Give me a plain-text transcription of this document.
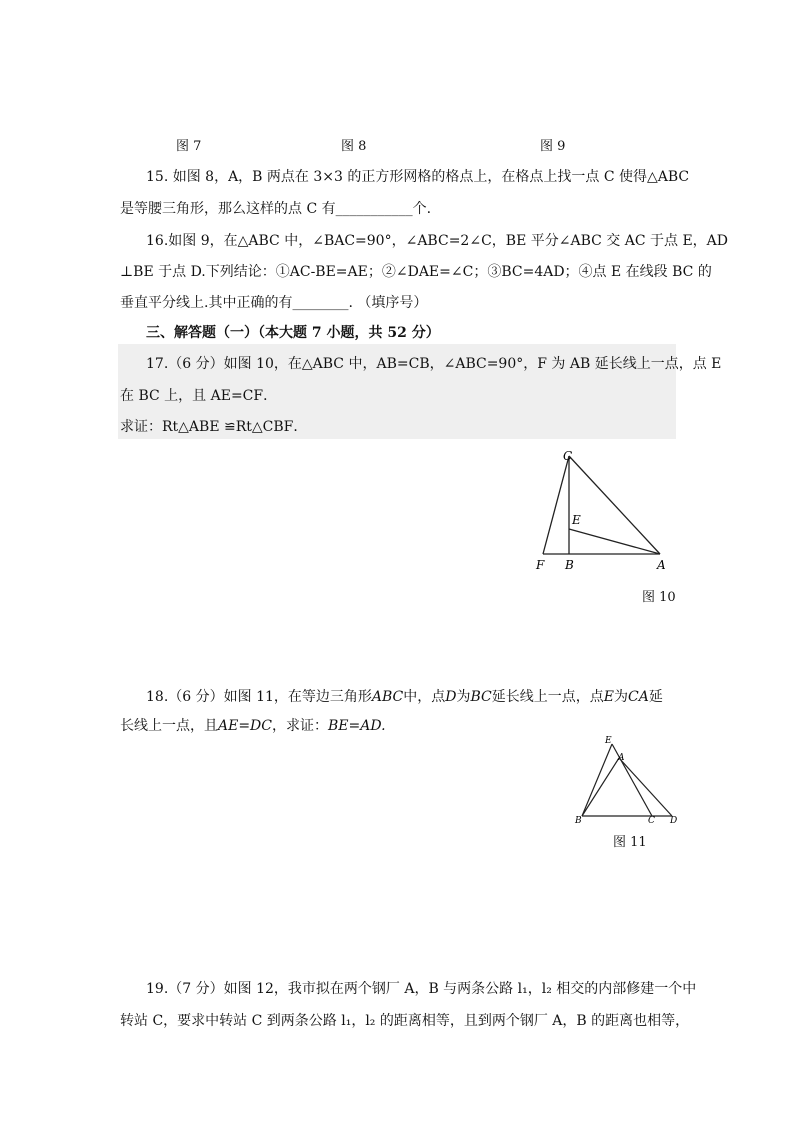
图 7	图 8	图 9
15. 如图 8，A，B 两点在 3×3 的正方形网格的格点上，在格点上找一点 C 使得△ABC
是等腰三角形，那么这样的点 C 有___________个.
16.如图 9，在△ABC 中，∠BAC=90°，∠ABC=2∠C，BE 平分∠ABC 交 AC 于点 E，AD
⊥BE 于点 D.下列结论：①AC-BE=AE；②∠DAE=∠C；③BC=4AD；④点 E 在线段 BC 的
垂直平分线上.其中正确的有________. （填序号）
三、解答题（一）（本大题 7 小题，共 52 分）
17.（6 分）如图 10，在△ABC 中，AB=CB，∠ABC=90°，F 为 AB 延长线上一点，点 E
在 BC 上，且 AE=CF．
求证：Rt△ABE ≌Rt△CBF．
C
E
F B	A
图 10
18.（6 分）如图 11，在等边三角形ABC中，点D为BC延长线上一点，点E为CA延
长线上一点，且AE=DC，求证：BE=AD.
E
A
B	C D
图 11
19.（7 分）如图 12，我市拟在两个钢厂 A，B 与两条公路 l₁，l₂ 相交的内部修建一个中
转站 C，要求中转站 C 到两条公路 l₁，l₂ 的距离相等，且到两个钢厂 A，B 的距离也相等，
